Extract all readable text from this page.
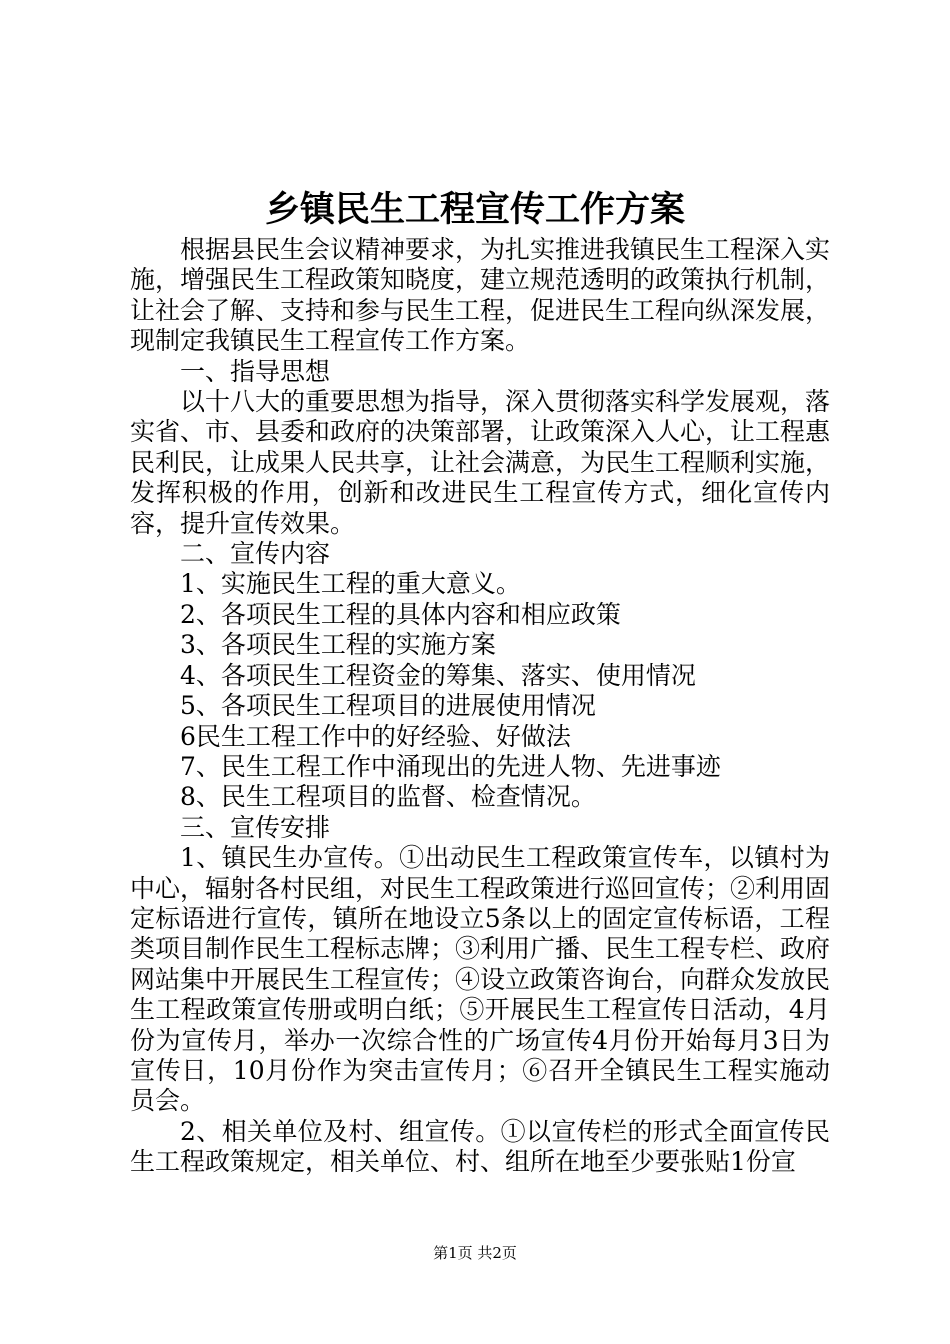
乡镇民生工程宣传工作方案

根据县民生会议精神要求，为扎实推进我镇民生工程深入实施，增强民生工程政策知晓度，建立规范透明的政策执行机制，让社会了解、支持和参与民生工程，促进民生工程向纵深发展，现制定我镇民生工程宣传工作方案。

一、指导思想

以十八大的重要思想为指导，深入贯彻落实科学发展观，落实省、市、县委和政府的决策部署，让政策深入人心，让工程惠民利民，让成果人民共享，让社会满意，为民生工程顺利实施，发挥积极的作用，创新和改进民生工程宣传方式，细化宣传内容，提升宣传效果。

二、宣传内容

1、实施民生工程的重大意义。

2、各项民生工程的具体内容和相应政策

3、各项民生工程的实施方案

4、各项民生工程资金的筹集、落实、使用情况

5、各项民生工程项目的进展使用情况

6民生工程工作中的好经验、好做法

7、民生工程工作中涌现出的先进人物、先进事迹

8、民生工程项目的监督、检查情况。

三、宣传安排

1、镇民生办宣传。①出动民生工程政策宣传车，以镇村为中心，辐射各村民组，对民生工程政策进行巡回宣传；②利用固定标语进行宣传，镇所在地设立5条以上的固定宣传标语，工程类项目制作民生工程标志牌；③利用广播、民生工程专栏、政府网站集中开展民生工程宣传；④设立政策咨询台，向群众发放民生工程政策宣传册或明白纸；⑤开展民生工程宣传日活动，4月份为宣传月，举办一次综合性的广场宣传4月份开始每月3日为宣传日，10月份作为突击宣传月；⑥召开全镇民生工程实施动员会。

2、相关单位及村、组宣传。①以宣传栏的形式全面宣传民生工程政策规定，相关单位、村、组所在地至少要张贴1份宣

第1页 共2页
